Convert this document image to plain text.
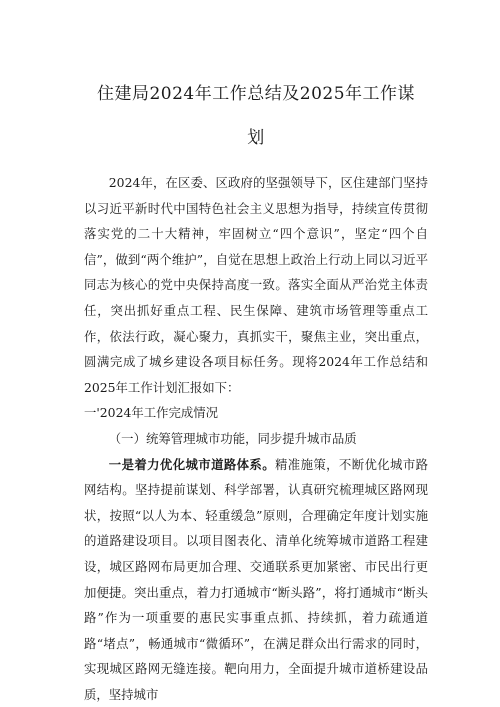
住建局2024年工作总结及2025年工作谋
划

2024年，在区委、区政府的坚强领导下，区住建部门坚持以习近平新时代中国特色社会主义思想为指导，持续宣传贯彻落实党的二十大精神，牢固树立“四个意识”，坚定“四个自信”，做到“两个维护”，自觉在思想上政治上行动上同以习近平同志为核心的党中央保持高度一致。落实全面从严治党主体责任，突出抓好重点工程、民生保障、建筑市场管理等重点工作，依法行政，凝心聚力，真抓实干，聚焦主业，突出重点，圆满完成了城乡建设各项目标任务。现将2024年工作总结和2025年工作计划汇报如下：

一'2024年工作完成情况

（一）统筹管理城市功能，同步提升城市品质

一是着力优化城市道路体系。精准施策，不断优化城市路网结构。坚持提前谋划、科学部署，认真研究梳理城区路网现状，按照“以人为本、轻重缓急”原则，合理确定年度计划实施的道路建设项目。以项目图表化、清单化统筹城市道路工程建设，城区路网布局更加合理、交通联系更加紧密、市民出行更加便捷。突出重点，着力打通城市“断头路”，将打通城市“断头路”作为一项重要的惠民实事重点抓、持续抓，着力疏通道路“堵点”，畅通城市“微循环”，在满足群众出行需求的同时，实现城区路网无缝连接。靶向用力，全面提升城市道桥建设品质，坚持城市
